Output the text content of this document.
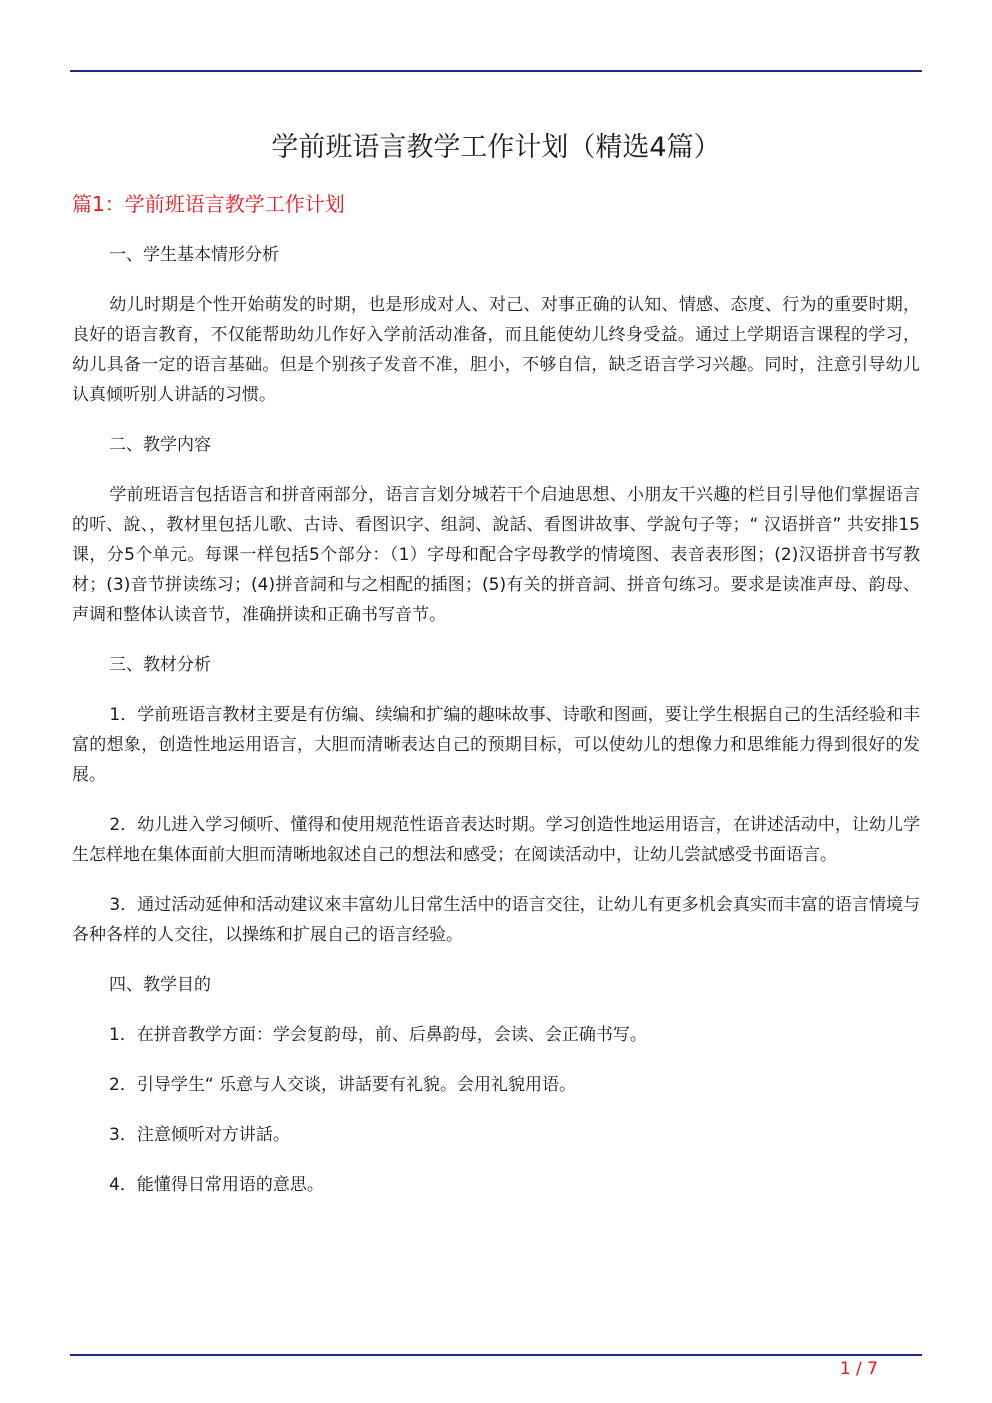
学前班语言教学工作计划（精选4篇）
篇1：学前班语言教学工作计划

一、学生基本情形分析

幼儿时期是个性开始萌发的时期，也是形成对人、对己、对事正确的认知、情感、态度、行为的重要时期，良好的语言教育，不仅能帮助幼儿作好入学前活动准备，而且能使幼儿终身受益。通过上学期语言课程的学习，幼儿具备一定的语言基础。但是个别孩子发音不准，胆小，不够自信，缺乏语言学习兴趣。同时，注意引导幼儿认真倾听别人讲話的习惯。

二、教学内容

学前班语言包括语言和拼音兩部分，语言言划分城若干个启迪思想、小朋友干兴趣的栏目引导他们掌握语言的听、說、，教材里包括儿歌、古诗、看图识字、组詞、說話、看图讲故事、学說句子等；“ 汉语拼音” 共安排15课，分5个单元。每课一样包括5个部分：（1）字母和配合字母教学的情境图、表音表形图；(2)汉语拼音书写教材；(3)音节拼读练习；(4)拼音詞和与之相配的插图；(5)有关的拼音詞、拼音句练习。要求是读准声母、韵母、声调和整体认读音节，准确拼读和正确书写音节。

三、教材分析

1．学前班语言教材主要是有仿编、续编和扩编的趣味故事、诗歌和图画，要让学生根据自己的生活经验和丰富的想象，创造性地运用语言，大胆而清晰表达自己的预期目标，可以使幼儿的想像力和思维能力得到很好的发展。

2．幼儿进入学习倾听、懂得和使用规范性语音表达时期。学习创造性地运用语言，在讲述活动中，让幼儿学生怎样地在集体面前大胆而清晰地叙述自己的想法和感受；在阅读活动中，让幼儿尝試感受书面语言。

3．通过活动延伸和活动建议來丰富幼儿日常生活中的语言交往，让幼儿有更多机会真实而丰富的语言情境与各种各样的人交往，以操练和扩展自己的语言经验。

四、教学目的

1．在拼音教学方面：学会复韵母，前、后鼻韵母，会读、会正确书写。

2．引导学生“ 乐意与人交谈，讲話要有礼貌。会用礼貌用语。

3．注意倾听对方讲話。

4．能懂得日常用语的意思。

1 / 7
